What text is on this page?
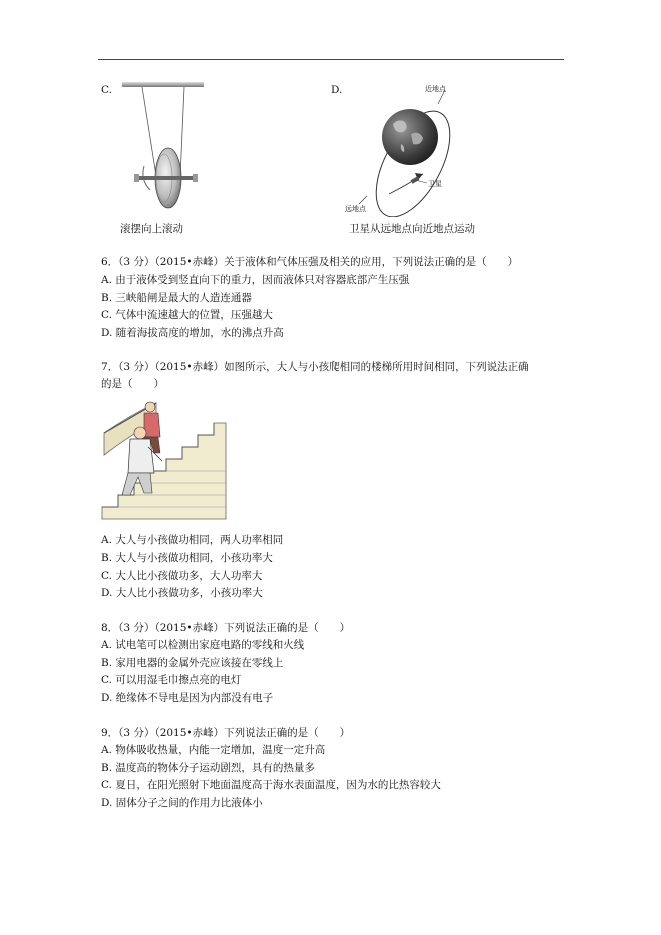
C.
滚摆向上滚动
D.	近地点
远地点
卫星
卫星从远地点向近地点运动
6．（3 分）（2015•赤峰）关于液体和气体压强及相关的应用，下列说法正确的是（　　）
A. 由于液体受到竖直向下的重力，因而液体只对容器底部产生压强
B. 三峡船闸是最大的人造连通器
C. 气体中流速越大的位置，压强越大
D. 随着海拔高度的增加，水的沸点升高
7．（3 分）（2015•赤峰）如图所示，大人与小孩爬相同的楼梯所用时间相同，下列说法正确
的是（　　）
A. 大人与小孩做功相同，两人功率相同
B. 大人与小孩做功相同，小孩功率大
C. 大人比小孩做功多，大人功率大
D. 大人比小孩做功多，小孩功率大
8．（3 分）（2015•赤峰）下列说法正确的是（　　）
A. 试电笔可以检测出家庭电路的零线和火线
B. 家用电器的金属外壳应该接在零线上
C. 可以用湿毛巾擦点亮的电灯
D. 绝缘体不导电是因为内部没有电子
9．（3 分）（2015•赤峰）下列说法正确的是（　　）
A. 物体吸收热量，内能一定增加，温度一定升高
B. 温度高的物体分子运动剧烈，具有的热量多
C. 夏日，在阳光照射下地面温度高于海水表面温度，因为水的比热容较大
D. 固体分子之间的作用力比液体小
